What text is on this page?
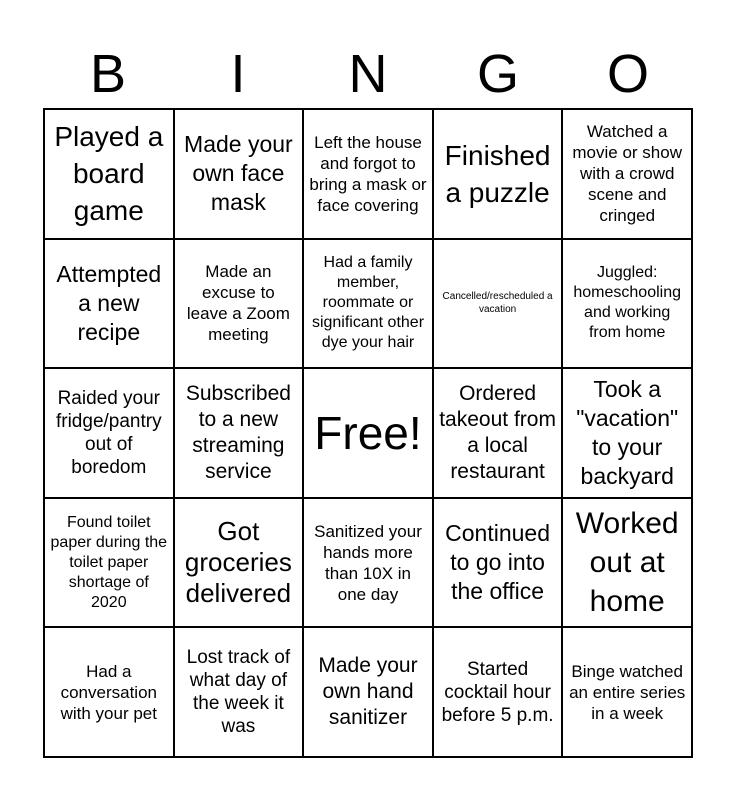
B	I	N	G	O
Played a board game
Made your own face mask
Left the house and forgot to bring a mask or face covering
Finished a puzzle
Watched a movie or show with a crowd scene and cringed
Attempted a new recipe
Made an excuse to leave a Zoom meeting
Had a family member, roommate or significant other dye your hair
Cancelled/rescheduled a vacation
Juggled: homeschooling and working from home
Raided your fridge/pantry out of boredom
Subscribed to a new streaming service
Free!
Ordered takeout from a local restaurant
Took a "vacation" to your backyard
Found toilet paper during the toilet paper shortage of 2020
Got groceries delivered
Sanitized your hands more than 10X in one day
Continued to go into the office
Worked out at home
Had a conversation with your pet
Lost track of what day of the week it was
Made your own hand sanitizer
Started cocktail hour before 5 p.m.
Binge watched an entire series in a week
